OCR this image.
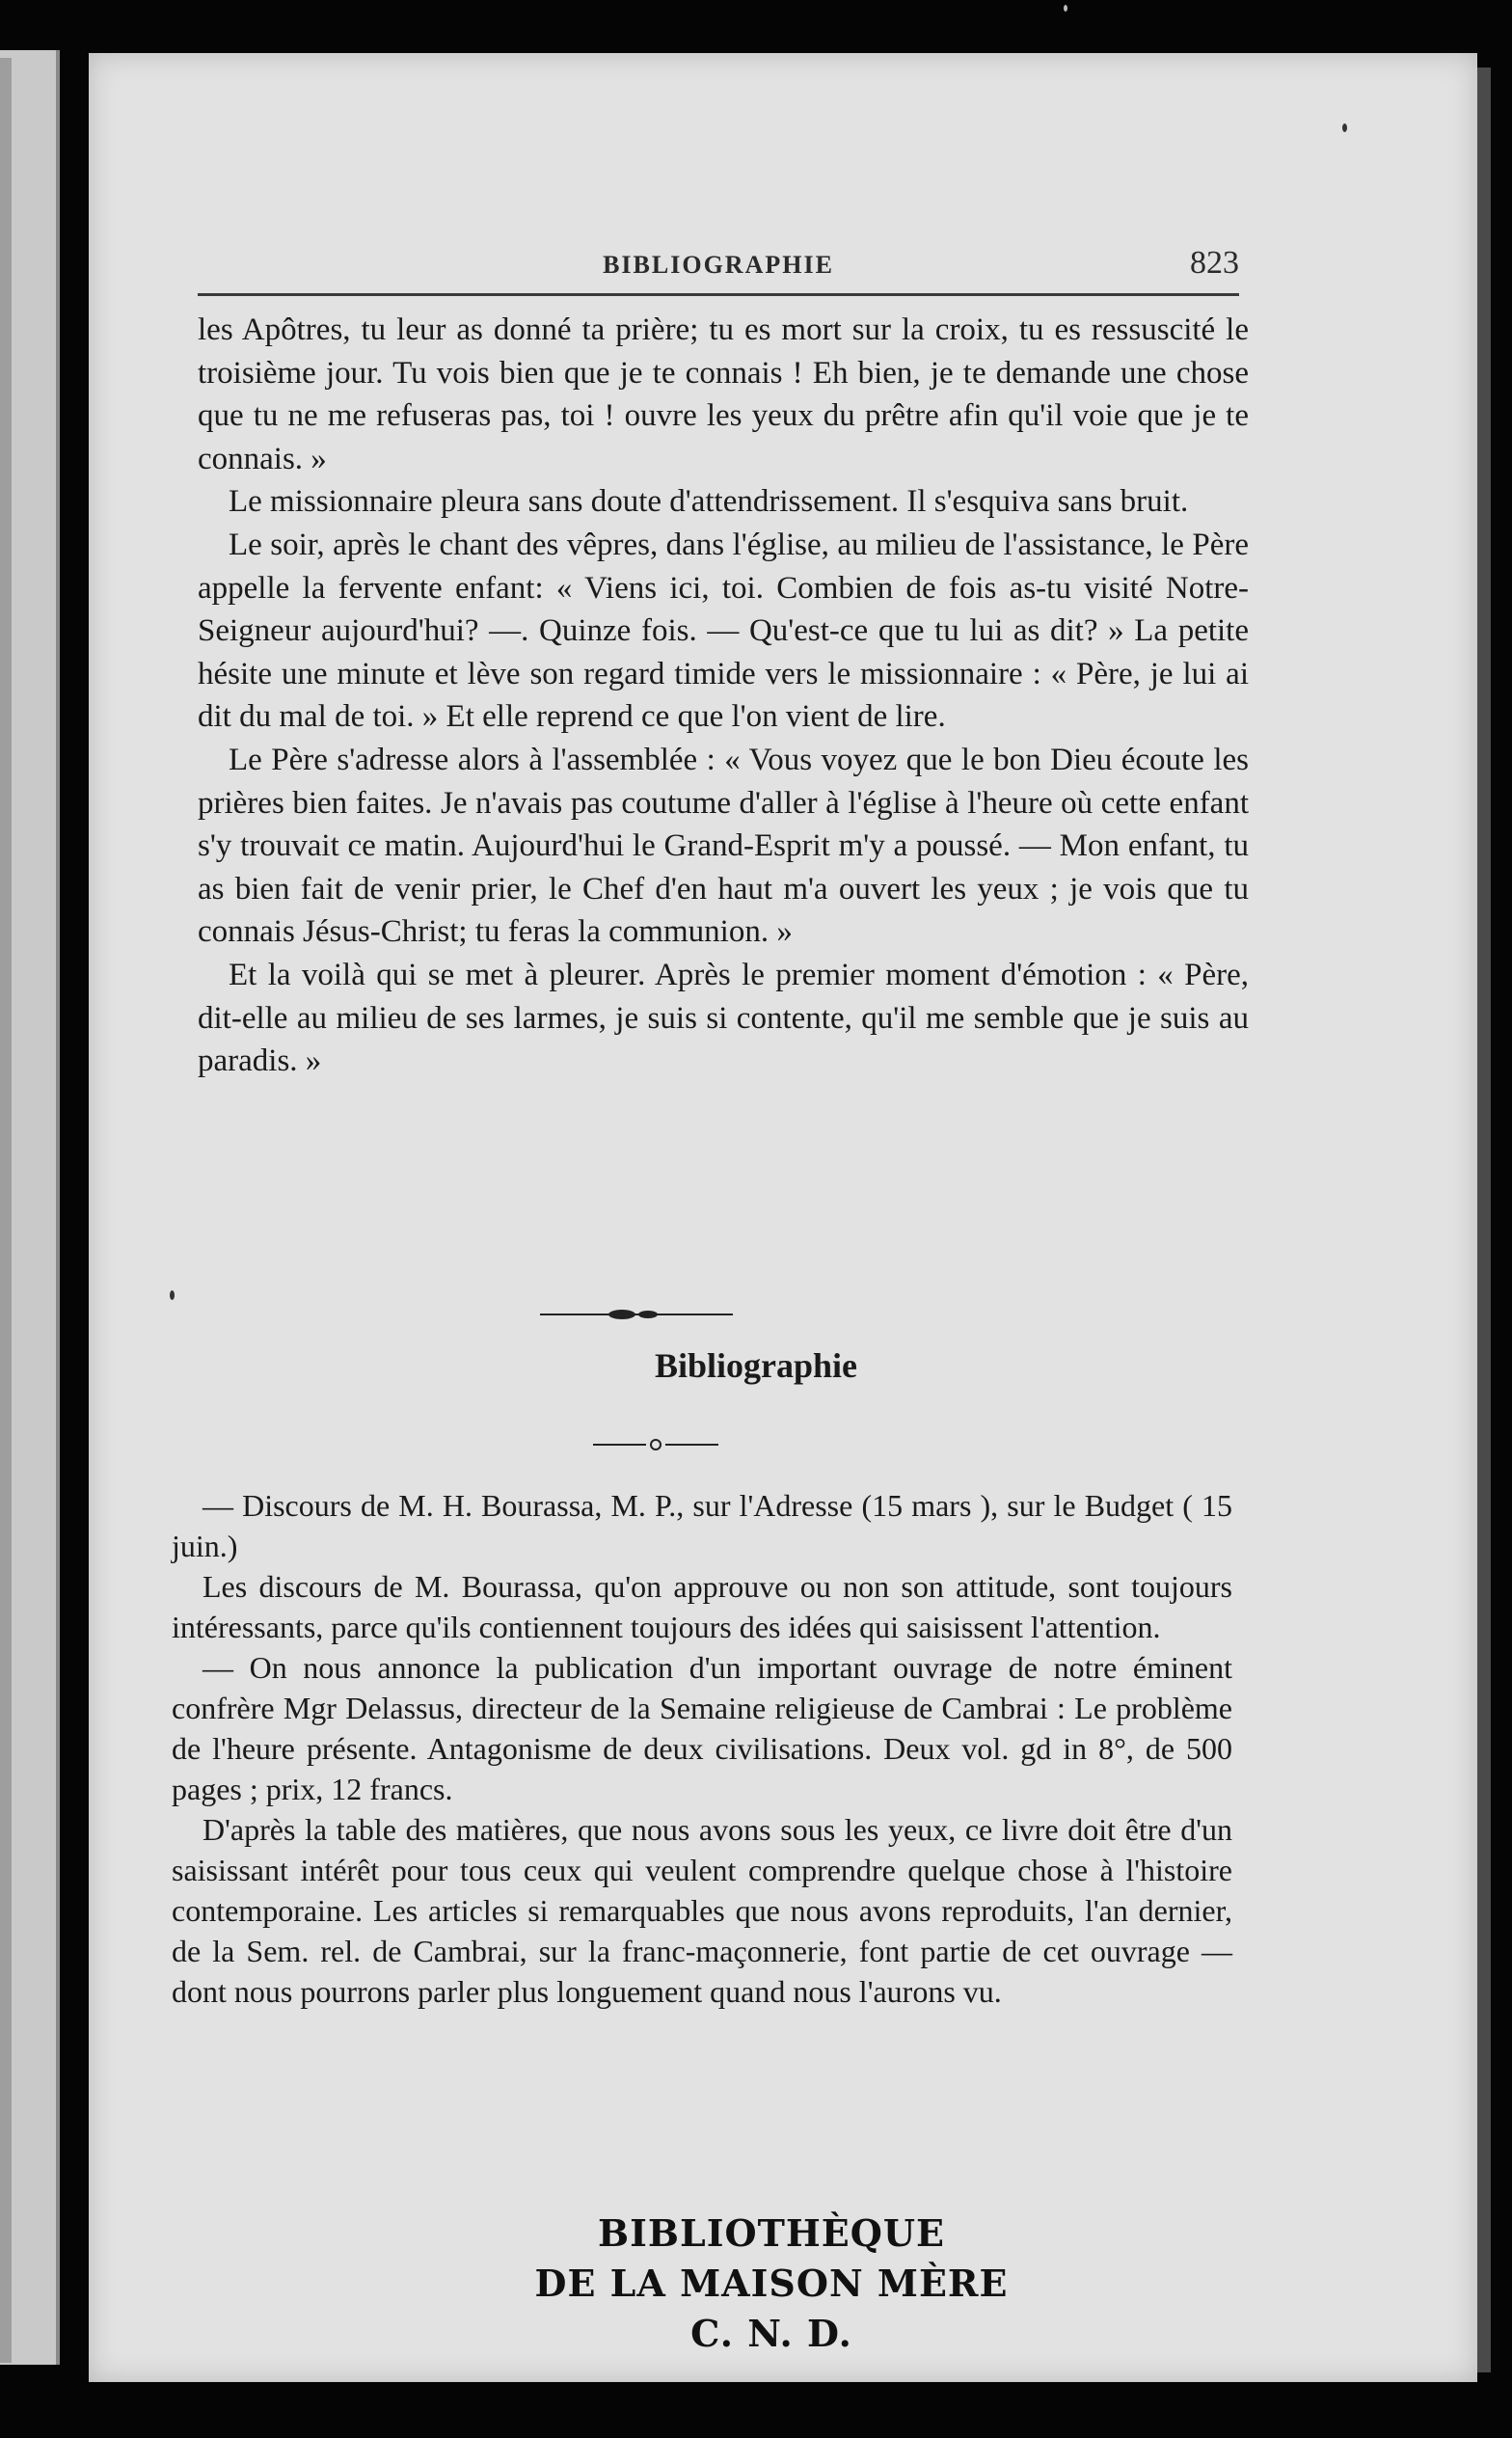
BIBLIOGRAPHIE	823

les Apôtres, tu leur as donné ta prière; tu es mort sur la croix, tu es ressuscité le troisième jour. Tu vois bien que je te connais ! Eh bien, je te demande une chose que tu ne me refuseras pas, toi ! ouvre les yeux du prêtre afin qu'il voie que je te connais. »

Le missionnaire pleura sans doute d'attendrissement. Il s'esquiva sans bruit.

Le soir, après le chant des vêpres, dans l'église, au milieu de l'assistance, le Père appelle la fervente enfant: « Viens ici, toi. Combien de fois as-tu visité Notre-Seigneur aujourd'hui? —. Quinze fois. — Qu'est-ce que tu lui as dit? » La petite hésite une minute et lève son regard timide vers le missionnaire : « Père, je lui ai dit du mal de toi. » Et elle reprend ce que l'on vient de lire.

Le Père s'adresse alors à l'assemblée : « Vous voyez que le bon Dieu écoute les prières bien faites. Je n'avais pas coutume d'aller à l'église à l'heure où cette enfant s'y trouvait ce matin. Aujourd'hui le Grand-Esprit m'y a poussé. — Mon enfant, tu as bien fait de venir prier, le Chef d'en haut m'a ouvert les yeux ; je vois que tu connais Jésus-Christ; tu feras la communion. »

Et la voilà qui se met à pleurer. Après le premier moment d'émotion : « Père, dit-elle au milieu de ses larmes, je suis si contente, qu'il me semble que je suis au paradis. »

Bibliographie

— Discours de M. H. Bourassa, M. P., sur l'Adresse (15 mars ), sur le Budget ( 15 juin.)

Les discours de M. Bourassa, qu'on approuve ou non son attitude, sont toujours intéressants, parce qu'ils contiennent toujours des idées qui saisissent l'attention.

— On nous annonce la publication d'un important ouvrage de notre éminent confrère Mgr Delassus, directeur de la Semaine religieuse de Cambrai : Le problème de l'heure présente. Antagonisme de deux civilisations. Deux vol. gd in 8°, de 500 pages ; prix, 12 francs.

D'après la table des matières, que nous avons sous les yeux, ce livre doit être d'un saisissant intérêt pour tous ceux qui veulent comprendre quelque chose à l'histoire contemporaine. Les articles si remarquables que nous avons reproduits, l'an dernier, de la Sem. rel. de Cambrai, sur la franc-maçonnerie, font partie de cet ouvrage — dont nous pourrons parler plus longuement quand nous l'aurons vu.

BIBLIOTHÈQUE
DE LA MAISON MÈRE
C. N. D.
